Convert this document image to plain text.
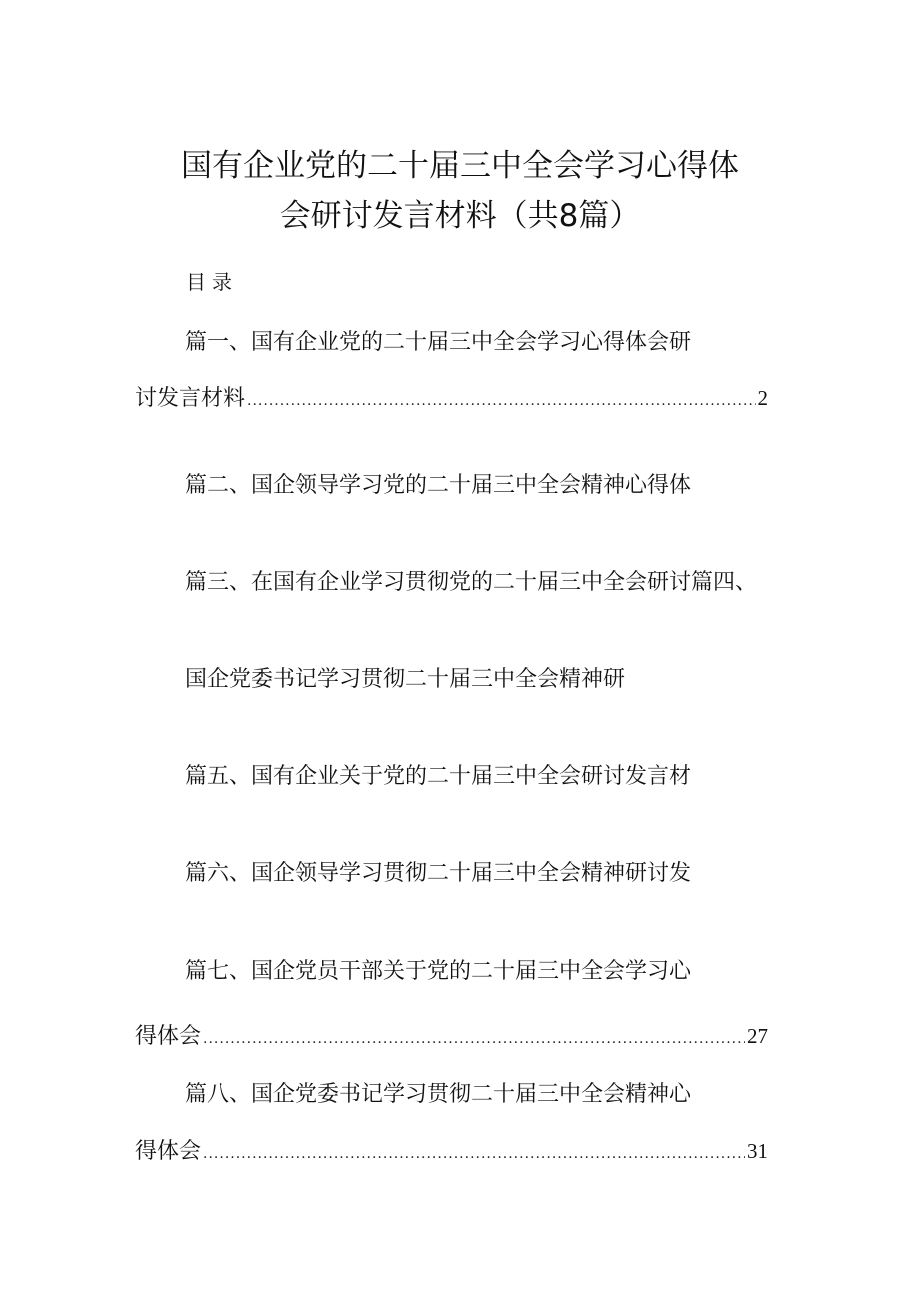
国有企业党的二十届三中全会学习心得体
会研讨发言材料（共8篇）
目录
篇一、国有企业党的二十届三中全会学习心得体会研
讨发言材料 .....	2
篇二、国企领导学习党的二十届三中全会精神心得体
篇三、在国有企业学习贯彻党的二十届三中全会研讨篇四、
国企党委书记学习贯彻二十届三中全会精神研
篇五、国有企业关于党的二十届三中全会研讨发言材
篇六、国企领导学习贯彻二十届三中全会精神研讨发
篇七、国企党员干部关于党的二十届三中全会学习心
得体会 .....	27
篇八、国企党委书记学习贯彻二十届三中全会精神心
得体会 .....	31
